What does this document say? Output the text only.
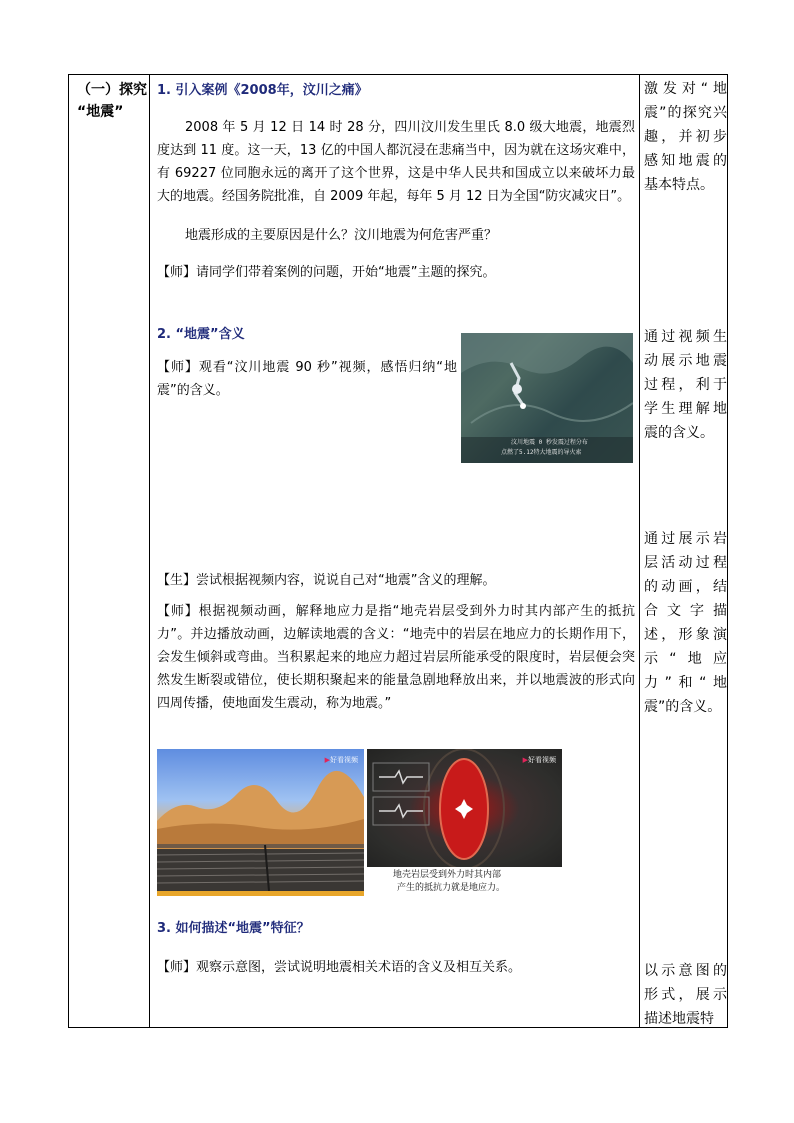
（一）探究
“地震”
1. 引入案例《2008年，汶川之痛》
2008 年 5 月 12 日 14 时 28 分，四川汶川发生里氏 8.0 级大地震，地震烈度达到 11 度。这一天，13 亿的中国人都沉浸在悲痛当中，因为就在这场灾难中，有 69227 位同胞永远的离开了这个世界，这是中华人民共和国成立以来破坏力最大的地震。经国务院批准，自 2009 年起，每年 5 月 12 日为全国“防灾减灾日”。
地震形成的主要原因是什么？汶川地震为何危害严重？
【师】请同学们带着案例的问题，开始“地震”主题的探究。
2. “地震”含义
【师】观看“汶川地震 90 秒”视频，感悟归纳“地震”的含义。
汶川地震 0 秒发震过程分布
点燃了5.12特大地震的导火索
【生】尝试根据视频内容，说说自己对“地震”含义的理解。
【师】根据视频动画，解释地应力是指“地壳岩层受到外力时其内部产生的抵抗力”。并边播放动画，边解读地震的含义：“地壳中的岩层在地应力的长期作用下，会发生倾斜或弯曲。当积累起来的地应力超过岩层所能承受的限度时，岩层便会突然发生断裂或错位，使长期积聚起来的能量急剧地释放出来，并以地震波的形式向四周传播，使地面发生震动，称为地震。”
▶好看视频	▶好看视频
地壳岩层受到外力时其内部
产生的抵抗力就是地应力。
3. 如何描述“地震”特征？
【师】观察示意图，尝试说明地震相关术语的含义及相互关系。
激发对“地震”的探究兴趣，并初步感知地震的基本特点。
通过视频生动展示地震过程，利于学生理解地震的含义。
通过展示岩层活动过程的动画，结合文字描述，形象演示“地应力”和“地震”的含义。
以示意图的形式，展示描述地震特
